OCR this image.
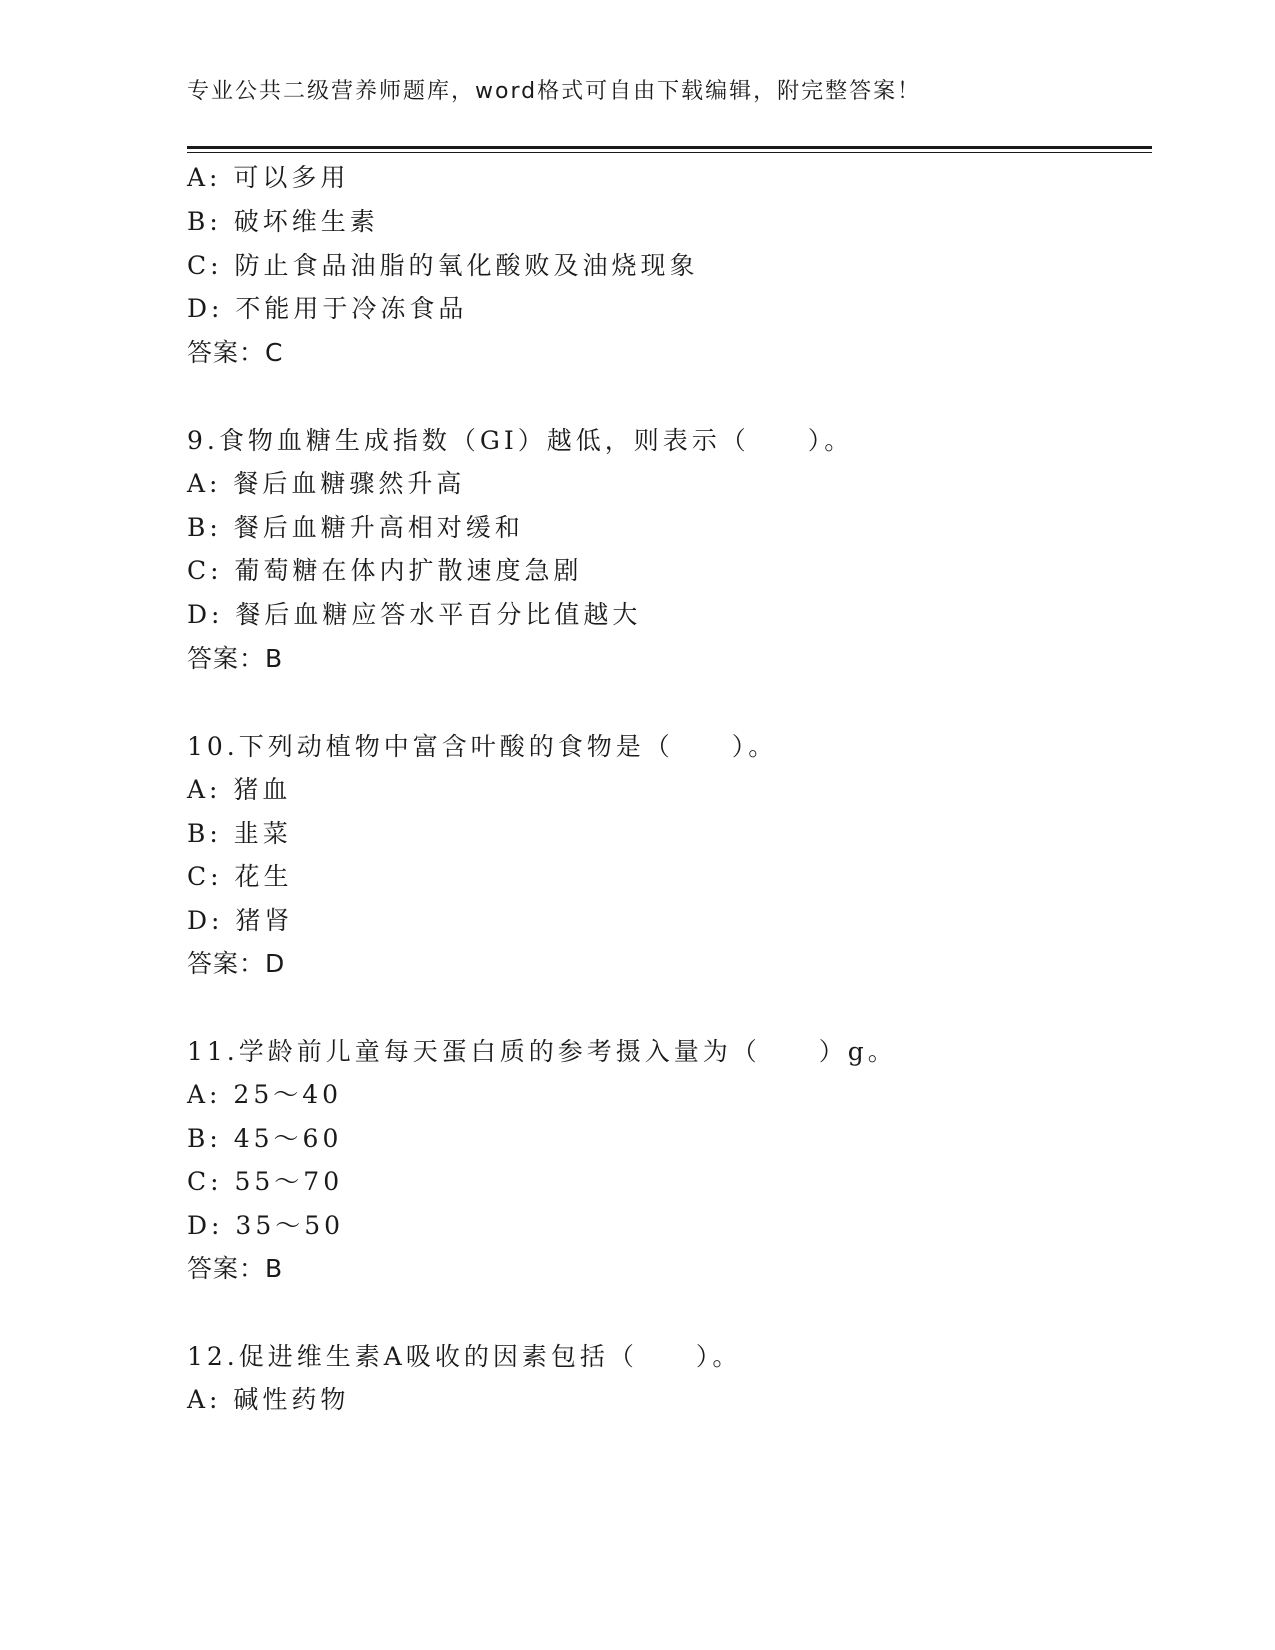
专业公共二级营养师题库，word格式可自由下载编辑，附完整答案！
A: 可以多用
B: 破坏维生素
C: 防止食品油脂的氧化酸败及油烧现象
D: 不能用于冷冻食品
答案：C
9.食物血糖生成指数（GI）越低，则表示（　　）。
A: 餐后血糖骤然升高
B: 餐后血糖升高相对缓和
C: 葡萄糖在体内扩散速度急剧
D: 餐后血糖应答水平百分比值越大
答案：B
10.下列动植物中富含叶酸的食物是（　　）。
A: 猪血
B: 韭菜
C: 花生
D: 猪肾
答案：D
11.学龄前儿童每天蛋白质的参考摄入量为（　　）g。
A: 25～40
B: 45～60
C: 55～70
D: 35～50
答案：B
12.促进维生素A吸收的因素包括（　　）。
A: 碱性药物
